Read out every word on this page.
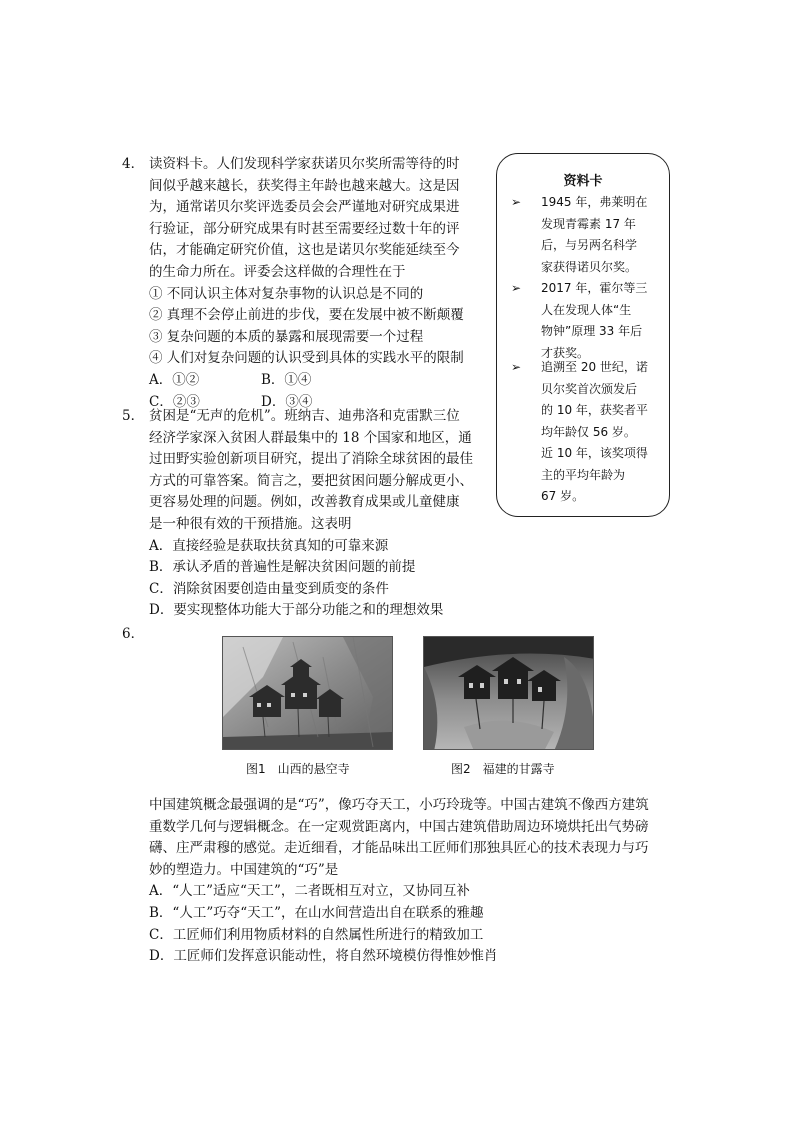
4． 读资料卡。人们发现科学家获诺贝尔奖所需等待的时
间似乎越来越长，获奖得主年龄也越来越大。这是因
为，通常诺贝尔奖评选委员会会严谨地对研究成果进
行验证，部分研究成果有时甚至需要经过数十年的评
估，才能确定研究价值，这也是诺贝尔奖能延续至今
的生命力所在。评委会这样做的合理性在于
① 不同认识主体对复杂事物的认识总是不同的
② 真理不会停止前进的步伐，要在发展中被不断颠覆
③ 复杂问题的本质的暴露和展现需要一个过程
④ 人们对复杂问题的认识受到具体的实践水平的限制
A．①②	B．①④
C．②③	D．③④
资料卡
➢	1945 年，弗莱明在
发现青霉素 17 年
后，与另两名科学
家获得诺贝尔奖。
➢	2017 年，霍尔等三
人在发现人体“生
物钟”原理 33 年后
才获奖。
➢	追溯至 20 世纪，诺
贝尔奖首次颁发后
的 10 年，获奖者平
均年龄仅 56 岁。
近 10 年，该奖项得
主的平均年龄为
67 岁。
5． 贫困是“无声的危机”。班纳吉、迪弗洛和克雷默三位
经济学家深入贫困人群最集中的 18 个国家和地区，通
过田野实验创新项目研究，提出了消除全球贫困的最佳
方式的可靠答案。简言之，要把贫困问题分解成更小、
更容易处理的问题。例如，改善教育成果或儿童健康
是一种很有效的干预措施。这表明
A．直接经验是获取扶贫真知的可靠来源
B．承认矛盾的普遍性是解决贫困问题的前提
C．消除贫困要创造由量变到质变的条件
D．要实现整体功能大于部分功能之和的理想效果
6．
图1　山西的悬空寺	图2　福建的甘露寺
中国建筑概念最强调的是“巧”，像巧夺天工，小巧玲珑等。中国古建筑不像西方建筑
重数学几何与逻辑概念。在一定观赏距离内，中国古建筑借助周边环境烘托出气势磅
礴、庄严肃穆的感觉。走近细看，才能品味出工匠师们那独具匠心的技术表现力与巧
妙的塑造力。中国建筑的“巧”是
A．“人工”适应“天工”，二者既相互对立，又协同互补
B．“人工”巧夺“天工”，在山水间营造出自在联系的雅趣
C．工匠师们利用物质材料的自然属性所进行的精致加工
D．工匠师们发挥意识能动性，将自然环境模仿得惟妙惟肖
